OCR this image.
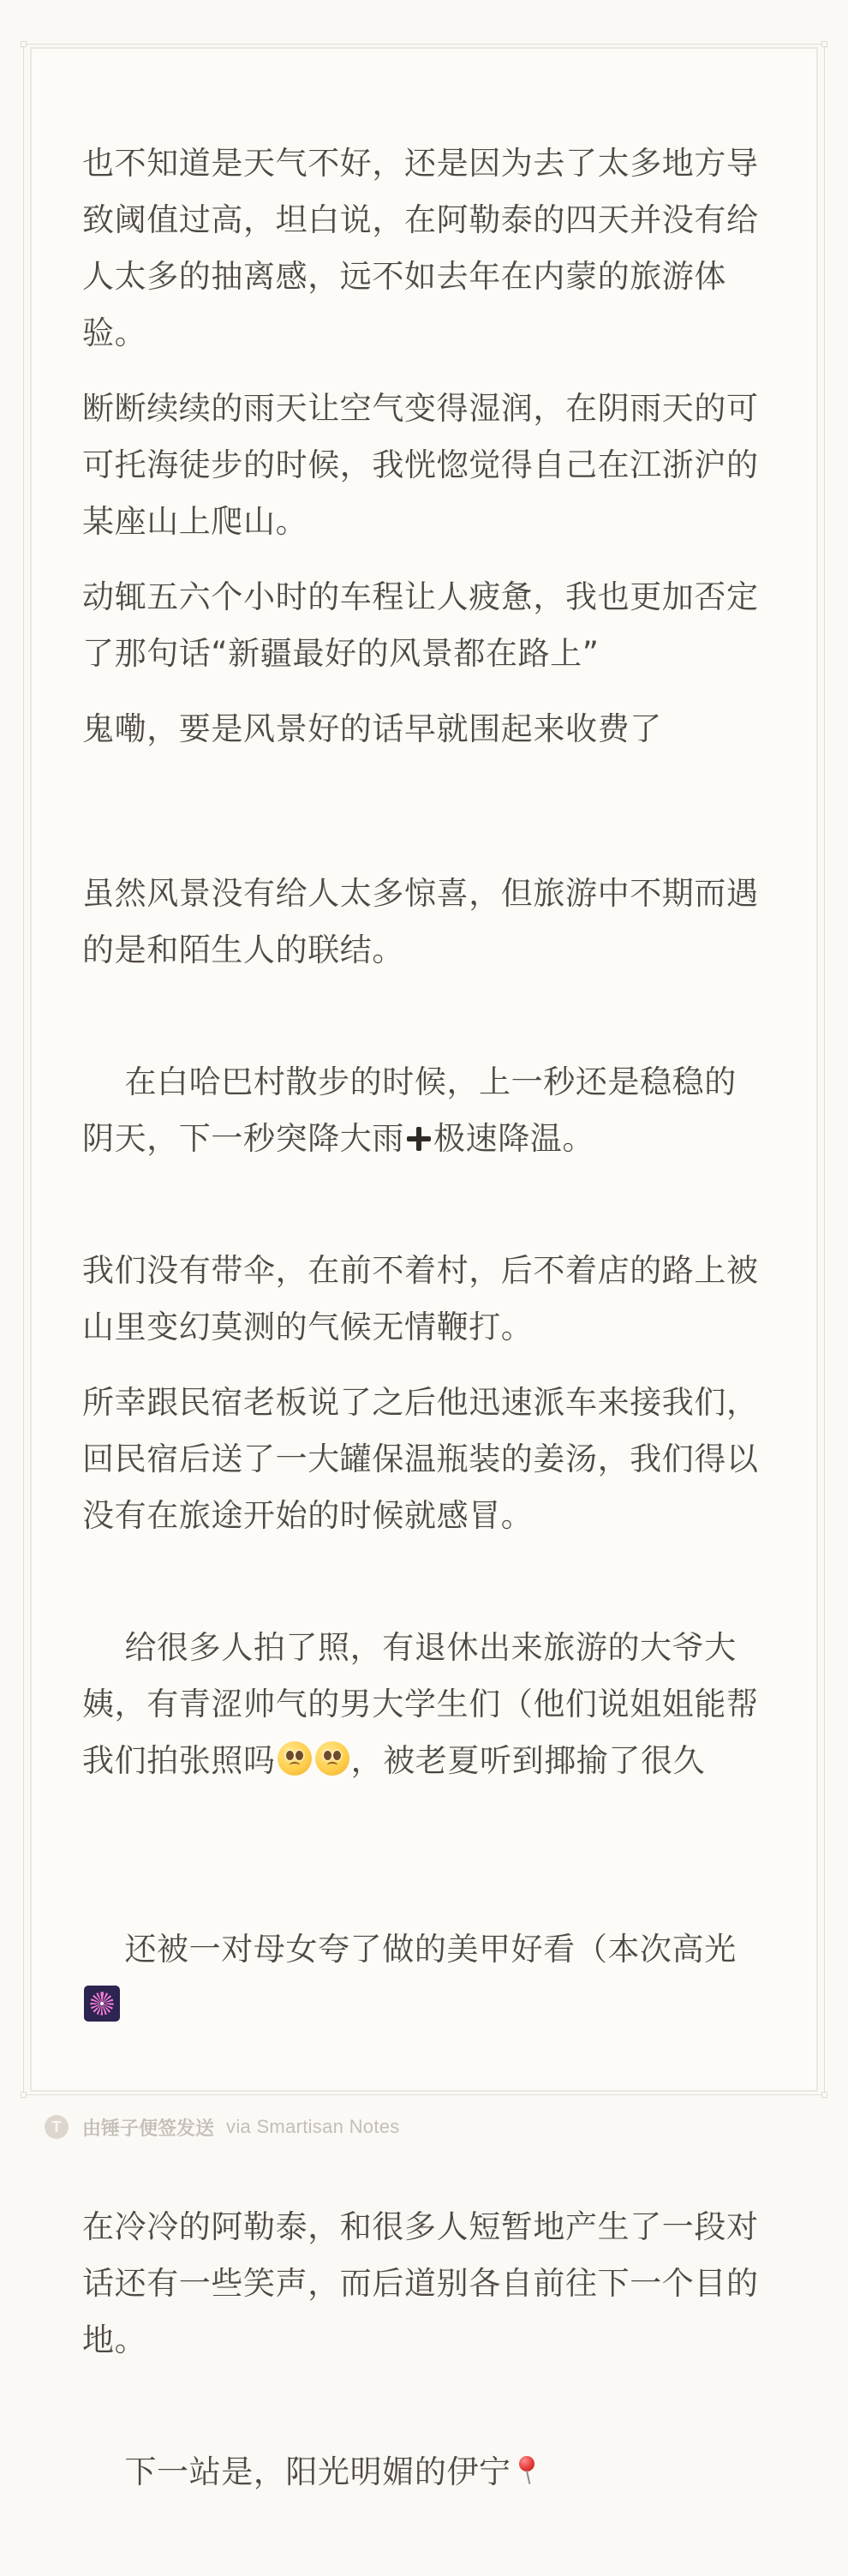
也不知道是天气不好，还是因为去了太多地方导致阈值过高，坦白说，在阿勒泰的四天并没有给人太多的抽离感，远不如去年在内蒙的旅游体验。

断断续续的雨天让空气变得湿润，在阴雨天的可可托海徒步的时候，我恍惚觉得自己在江浙沪的某座山上爬山。

动辄五六个小时的车程让人疲惫，我也更加否定了那句话“新疆最好的风景都在路上”

鬼嘞，要是风景好的话早就围起来收费了

虽然风景没有给人太多惊喜，但旅游中不期而遇的是和陌生人的联结。

在白哈巴村散步的时候，上一秒还是稳稳的阴天，下一秒突降大雨 极速降温。

我们没有带伞，在前不着村，后不着店的路上被山里变幻莫测的气候无情鞭打。

所幸跟民宿老板说了之后他迅速派车来接我们，回民宿后送了一大罐保温瓶装的姜汤，我们得以没有在旅途开始的时候就感冒。

给很多人拍了照，有退休出来旅游的大爷大姨，有青涩帅气的男大学生们（他们说姐姐能帮我们拍张照吗 ，被老夏听到揶揄了很久

还被一对母女夸了做的美甲好看（本次高光

在冷冷的阿勒泰，和很多人短暂地产生了一段对话还有一些笑声，而后道别各自前往下一个目的地。

下一站是，阳光明媚的伊宁

T	由锤子便签发送 via Smartisan Notes
